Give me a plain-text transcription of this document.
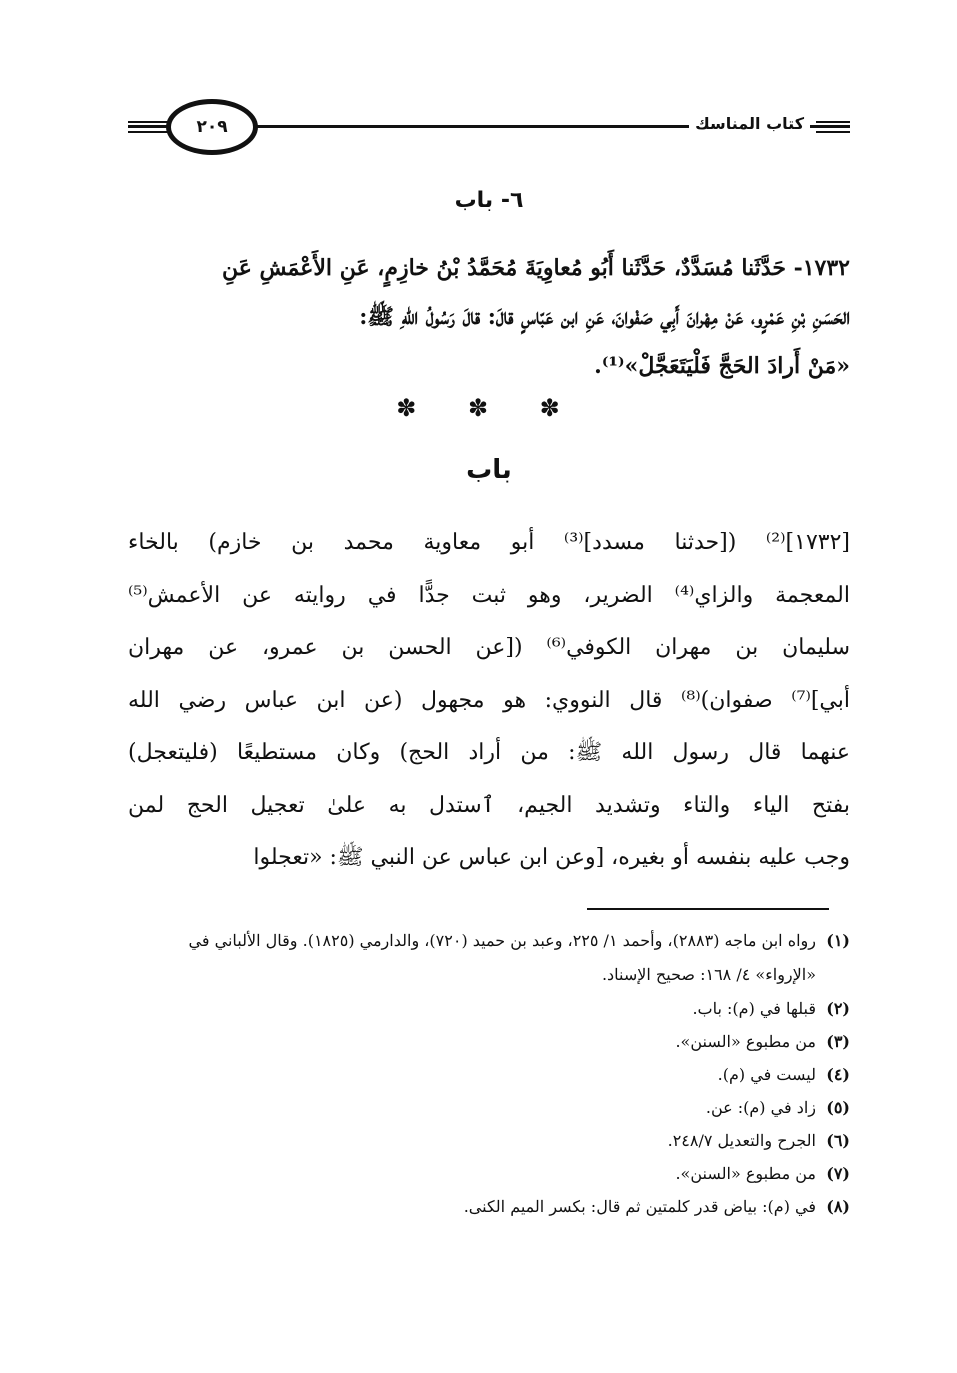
٢٠٩	كتاب المناسك
٦- باب

١٧٣٢- حَدَّثَنا مُسَدَّدٌ، حَدَّثَنا أَبُو مُعاوِيَةَ مُحَمَّدُ بْنُ خازِمٍ، عَنِ الأَعْمَشِ عَنِ

الحَسَنِ بْنِ عَمْرٍو، عَنْ مِهْرانَ أَبِي صَفْوانَ، عَنِ ابن عَبّاسٍ قالَ: قالَ رَسُولُ اللهِ ﷺ:

«مَنْ أَرادَ الحَجَّ فَلْيَتَعَجَّلْ»⁽¹⁾.

✽ ✽ ✽
باب

[١٧٣٢]⁽²⁾ ([حدثنا مسدد]⁽³⁾ أبو معاوية محمد بن خازم) بالخاء

المعجمة والزاي⁽⁴⁾ الضرير، وهو ثبت جدًّا في روايته عن الأعمش⁽⁵⁾

سليمان بن مهران الكوفي⁽⁶⁾ ([عن الحسن بن عمرو، عن مهران

أبي]⁽⁷⁾ صفوان)⁽⁸⁾ قال النووي: هو مجهول (عن ابن عباس رضي الله

عنهما قال رسول الله ﷺ: من أراد الحج) وكان مستطيعًا (فليتعجل)

بفتح الياء والتاء وتشديد الجيم، ٱستدل به علىٰ تعجيل الحج لمن

وجب عليه بنفسه أو بغيره، [وعن ابن عباس عن النبي ﷺ: «تعجلوا

(١)
رواه ابن ماجه (٢٨٨٣)، وأحمد ١/ ٢٢٥، وعبد بن حميد (٧٢٠)، والدارمي (١٨٢٥). وقال الألباني في «الإرواء» ٤/ ١٦٨: صحيح الإسناد.
(٢)
قبلها في (م): باب.
(٣)
من مطبوع «السنن».
(٤)
ليست في (م).
(٥)
زاد في (م): عن.
(٦)
الجرح والتعديل ٢٤٨/٧.
(٧)
من مطبوع «السنن».
(٨)
في (م): بياض قدر كلمتين ثم قال: بكسر الميم الكنى.
